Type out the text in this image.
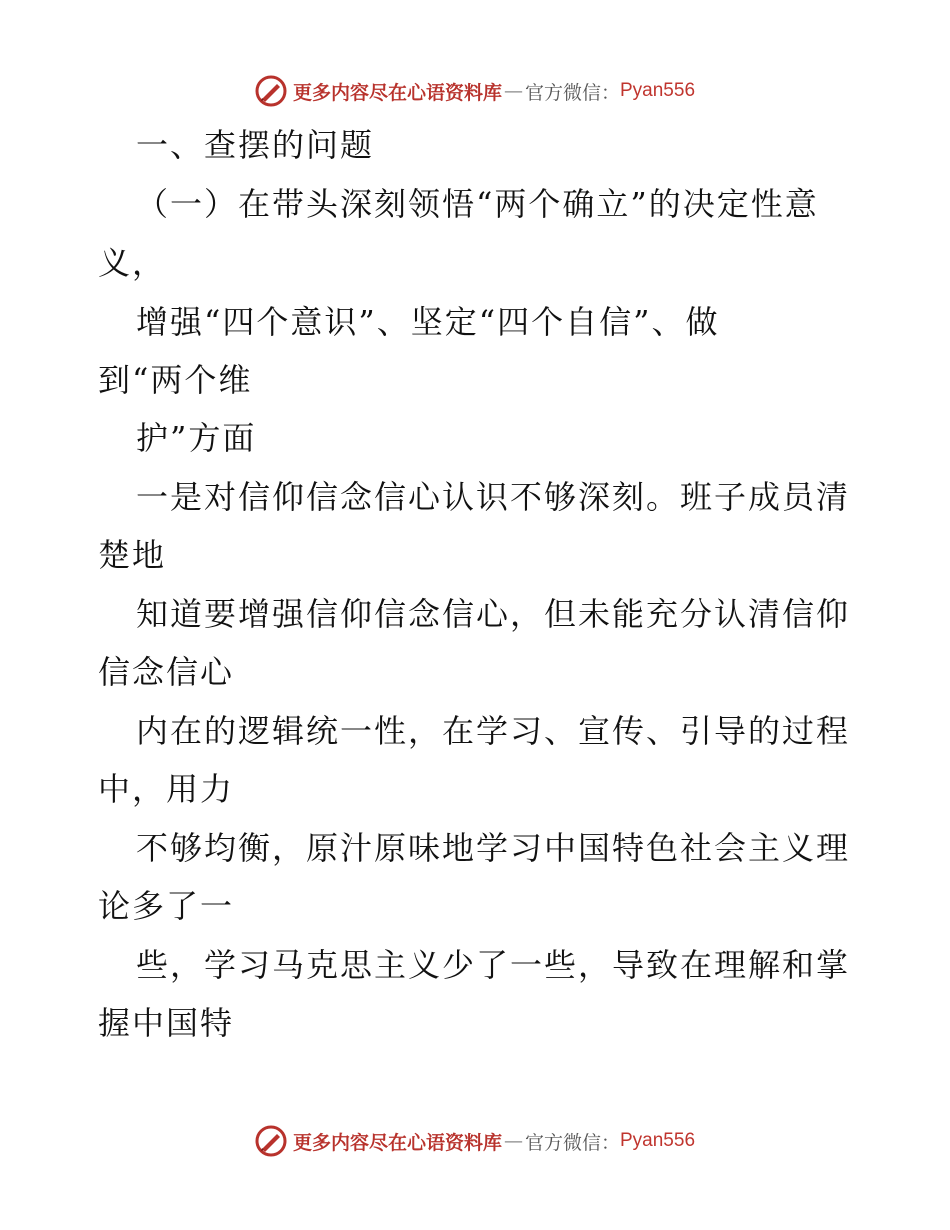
更多内容尽在心语资料库 — 官方微信： Pyan556
一、查摆的问题
（一）在带头深刻领悟“两个确立”的决定性意
义，
增强“四个意识”、坚定“四个自信”、做
到“两个维
护”方面
一是对信仰信念信心认识不够深刻。班子成员清
楚地
知道要增强信仰信念信心，但未能充分认清信仰
信念信心
内在的逻辑统一性，在学习、宣传、引导的过程
中，用力
不够均衡，原汁原味地学习中国特色社会主义理
论多了一
些，学习马克思主义少了一些，导致在理解和掌
握中国特
更多内容尽在心语资料库 — 官方微信： Pyan556
